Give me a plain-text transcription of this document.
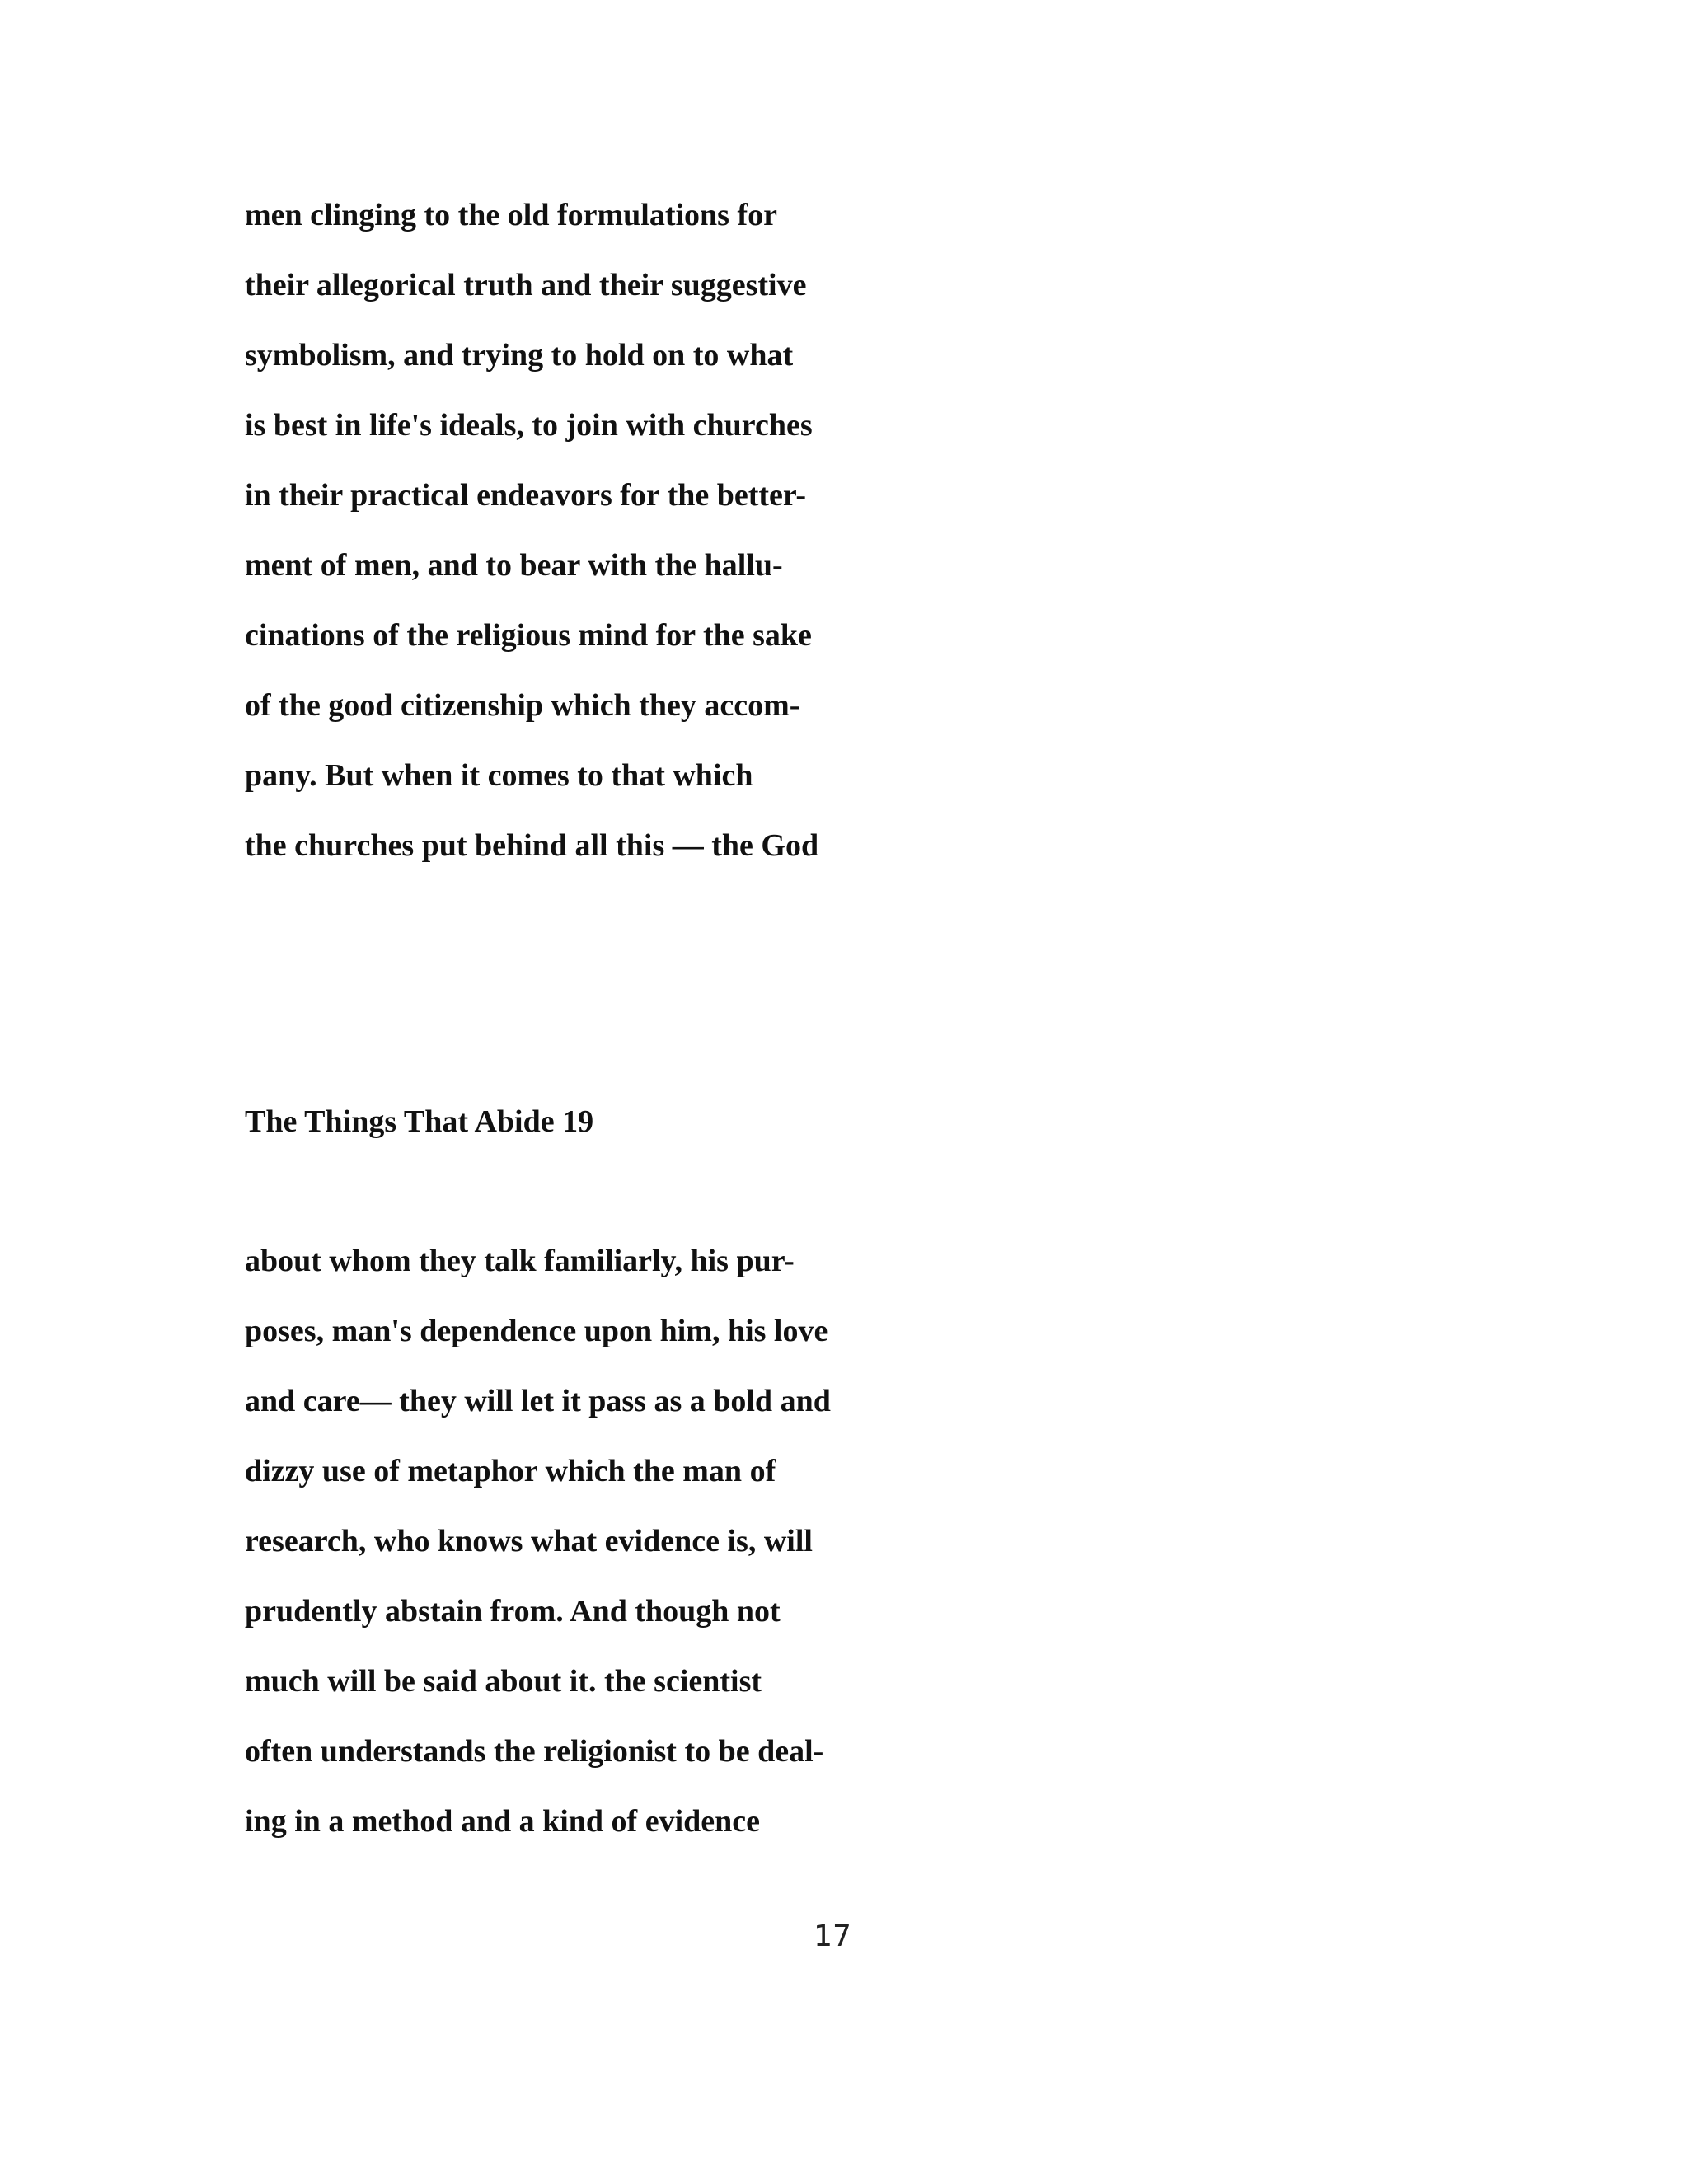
men clinging to the old formulations for
their allegorical truth and their suggestive
symbolism, and trying to hold on to what
is best in life's ideals, to join with churches
in their practical endeavors for the better-
ment of men, and to bear with the hallu-
cinations of the religious mind for the sake
of the good citizenship which they accom-
pany. But when it comes to that which
the churches put behind all this — the God
The Things That Abide 19
about whom they talk familiarly, his pur-
poses, man's dependence upon him, his love
and care— they will let it pass as a bold and
dizzy use of metaphor which the man of
research, who knows what evidence is, will
prudently abstain from. And though not
much will be said about it. the scientist
often understands the religionist to be deal-
ing in a method and a kind of evidence
17
